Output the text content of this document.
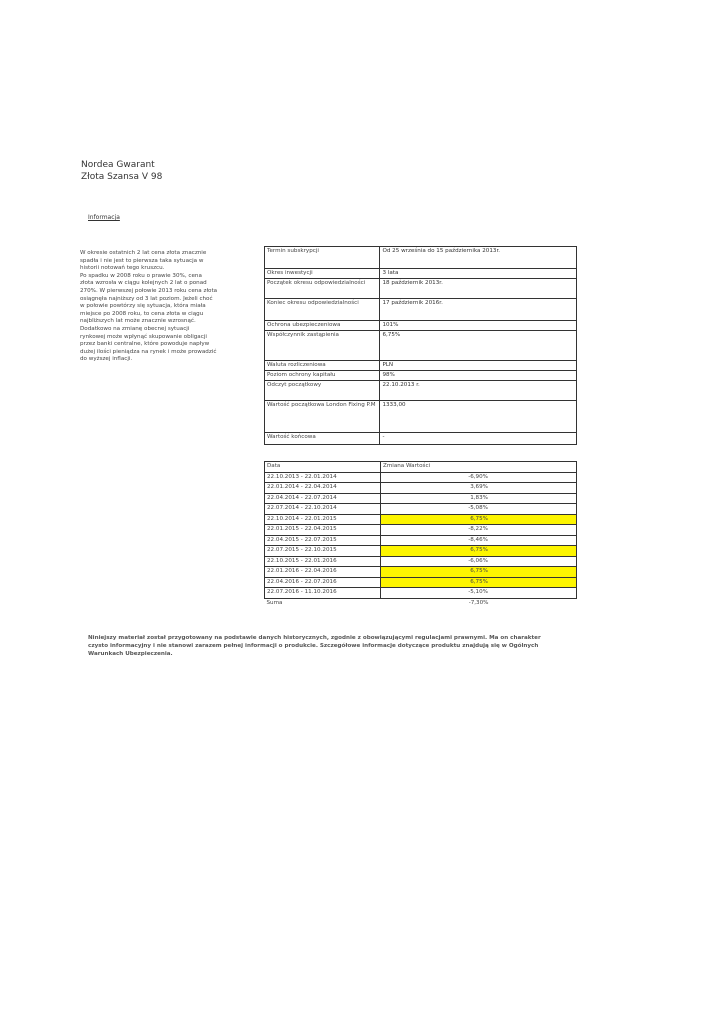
Nordea Gwarant
Złota Szansa V 98
Informacja

W okresie ostatnich 2 lat cena złota znacznie

spadła i nie jest to pierwsza taka sytuacja w

historii notowań tego kruszcu.

Po spadku w 2008 roku o prawie 30%, cena

złota wzrosła w ciągu kolejnych 2 lat o ponad

270%. W pierwszej połowie 2013 roku cena złota

osiągnęła najniższy od 3 lat poziom. Jeżeli choć

w połowie powtórzy się sytuacja, która miała

miejsce po 2008 roku, to cena złota w ciągu

najbliższych lat może znacznie wzrosnąć.

Dodatkowo na zmianę obecnej sytuacji

rynkowej może wpłynąć skupowanie obligacji

przez banki centralne, które powoduje napływ

dużej ilości pieniądza na rynek i może prowadzić

do wyższej inflacji.

Termin subskrypcji	Od 25 września do 15 października 2013r.
Okres inwestycji	3 lata
Początek okresu odpowiedzialności	18 październik 2013r.
Koniec okresu odpowiedzialności	17 październik 2016r.
Ochrona ubezpieczeniowa	101%
Współczynnik zastąpienia	6,75%
Waluta rozliczeniowa	PLN
Poziom ochrony kapitału	98%
Odczyt początkowy	22.10.2013 r.
Wartość początkowa London Fixing P.M	1333,00
Wartość końcowa	-
Data	Zmiana Wartości
22.10.2013 - 22.01.2014	-6,90%
22.01.2014 - 22.04.2014	3,69%
22.04.2014 - 22.07.2014	1,83%
22.07.2014 - 22.10.2014	-5,08%
22.10.2014 - 22.01.2015	6,75%
22.01.2015 - 22.04.2015	-8,22%
22.04.2015 - 22.07.2015	-8,46%
22.07.2015 - 22.10.2015	6,75%
22.10.2015 - 22.01.2016	-6,06%
22.01.2016 - 22.04.2016	6,75%
22.04.2016 - 22.07.2016	6,75%
22.07.2016 - 11.10.2016	-5,10%
Suma	-7,30%
Niniejszy materiał został przygotowany na podstawie danych historycznych, zgodnie z obowiązującymi regulacjami prawnymi. Ma on charakter czysto informacyjny i nie stanowi zarazem pełnej informacji o produkcie. Szczegółowe informacje dotyczące produktu znajdują się w Ogólnych Warunkach Ubezpieczenia.
